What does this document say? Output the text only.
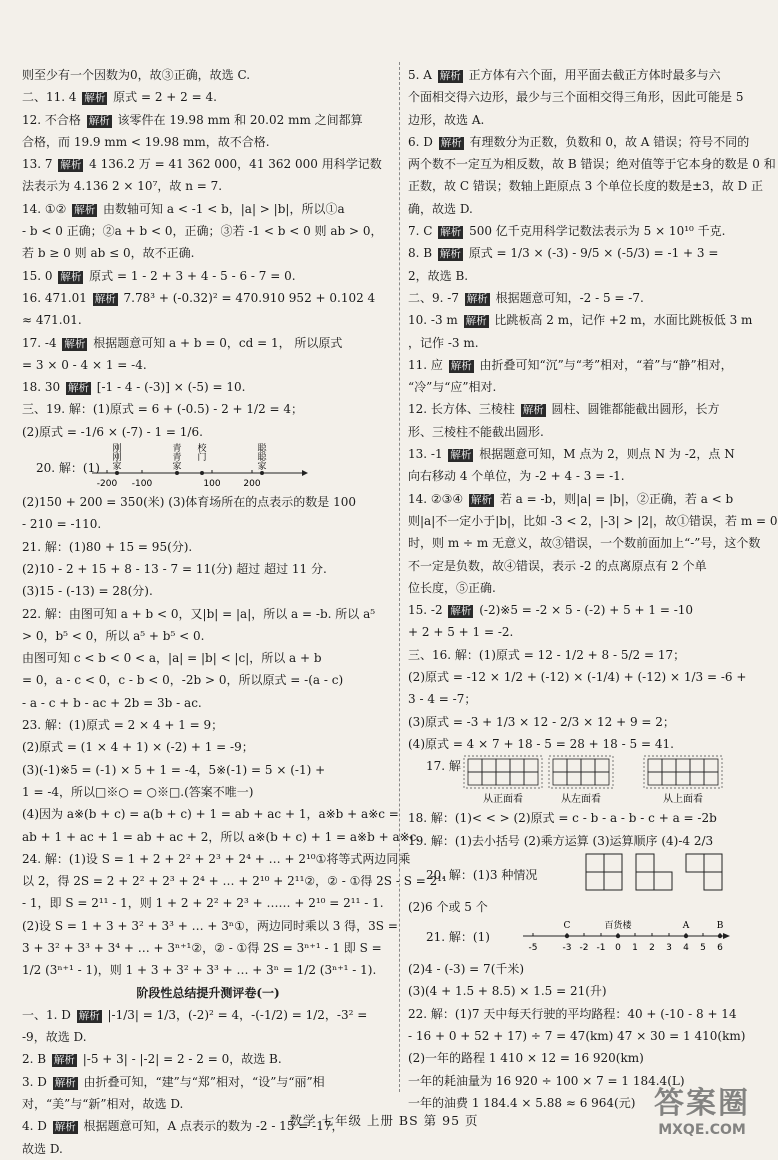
则至少有一个因数为0，故③正确，故选 C.
二、11. 4 解析 原式 = 2 + 2 = 4.
12. 不合格 解析 该零件在 19.98 mm 和 20.02 mm 之间都算
合格，而 19.9 mm < 19.98 mm，故不合格.
13. 7 解析 4 136.2 万 = 41 362 000，41 362 000 用科学记数
法表示为 4.136 2 × 10⁷，故 n = 7.
14. ①② 解析 由数轴可知 a < -1 < b，|a| > |b|，所以①a
- b < 0 正确；②a + b < 0，正确；③若 -1 < b < 0 则 ab > 0，
若 b ≥ 0 则 ab ≤ 0，故不正确.
15. 0 解析 原式 = 1 - 2 + 3 + 4 - 5 - 6 - 7 = 0.
16. 471.01 解析 7.78³ + (-0.32)² = 470.910 952 + 0.102 4
≈ 471.01.
17. -4 解析 根据题意可知 a + b = 0，cd = 1， 所以原式
= 3 × 0 - 4 × 1 = -4.
18. 30 解析 [-1 - 4 - (-3)] × (-5) = 10.
三、19. 解：(1)原式 = 6 + (-0.5) - 2 + 1/2 = 4；
(2)原式 = -1/6 × (-7) - 1 = 1/6.
20. 解：(1)
-200 -100	100	200
刚
刚
家
青
青
家
校
门
聪
聪
家
(2)150 + 200 = 350(米) (3)体育场所在的点表示的数是 100
- 210 = -110.
21. 解：(1)80 + 15 = 95(分).
(2)10 - 2 + 15 + 8 - 13 - 7 = 11(分) 超过 超过 11 分.
(3)15 - (-13) = 28(分).
22. 解：由图可知 a + b < 0，又|b| = |a|，所以 a = -b. 所以 a⁵
> 0，b⁵ < 0，所以 a⁵ + b⁵ < 0.
由图可知 c < b < 0 < a，|a| = |b| < |c|，所以 a + b
= 0，a - c < 0，c - b < 0，-2b > 0，所以原式 = -(a - c)
- a - c + b - ac + 2b = 3b - ac.
23. 解：(1)原式 = 2 × 4 + 1 = 9；
(2)原式 = (1 × 4 + 1) × (-2) + 1 = -9；
(3)(-1)※5 = (-1) × 5 + 1 = -4，5※(-1) = 5 × (-1) +
1 = -4，所以□※○ = ○※□.(答案不唯一)
(4)因为 a※(b + c) = a(b + c) + 1 = ab + ac + 1，a※b + a※c =
ab + 1 + ac + 1 = ab + ac + 2，所以 a※(b + c) + 1 = a※b + a※c.
24. 解：(1)设 S = 1 + 2 + 2² + 2³ + 2⁴ + … + 2¹⁰①将等式两边同乘
以 2，得 2S = 2 + 2² + 2³ + 2⁴ + … + 2¹⁰ + 2¹¹②，② - ①得 2S - S = 2¹¹
- 1，即 S = 2¹¹ - 1，则 1 + 2 + 2² + 2³ + …… + 2¹⁰ = 2¹¹ - 1.
(2)设 S = 1 + 3 + 3² + 3³ + … + 3ⁿ①，两边同时乘以 3 得，3S =
3 + 3² + 3³ + 3⁴ + … + 3ⁿ⁺¹②，② - ①得 2S = 3ⁿ⁺¹ - 1 即 S =
1/2 (3ⁿ⁺¹ - 1)，则 1 + 3 + 3² + 3³ + … + 3ⁿ = 1/2 (3ⁿ⁺¹ - 1).
阶段性总结提升测评卷(一)
一、1. D 解析 |-1/3| = 1/3，(-2)² = 4，-(-1/2) = 1/2，-3² =
-9，故选 D.
2. B 解析 |-5 + 3| - |-2| = 2 - 2 = 0，故选 B.
3. D 解析 由折叠可知，“建”与“郑”相对，“设”与“丽”相
对，“美”与“新”相对，故选 D.
4. D 解析 根据题意可知，A 点表示的数为 -2 - 15 = -17，
故选 D.
5. A 解析 正方体有六个面，用平面去截正方体时最多与六
个面相交得六边形，最少与三个面相交得三角形，因此可能是 5
边形，故选 A.
6. D 解析 有理数分为正数，负数和 0，故 A 错误；符号不同的
两个数不一定互为相反数，故 B 错误；绝对值等于它本身的数是 0 和
正数，故 C 错误；数轴上距原点 3 个单位长度的数是±3，故 D 正
确，故选 D.
7. C 解析 500 亿千克用科学记数法表示为 5 × 10¹⁰ 千克.
8. B 解析 原式 = 1/3 × (-3) - 9/5 × (-5/3) = -1 + 3 =
2，故选 B.
二、9. -7 解析 根据题意可知，-2 - 5 = -7.
10. -3 m 解析 比跳板高 2 m，记作 +2 m，水面比跳板低 3 m
，记作 -3 m.
11. 应 解析 由折叠可知“沉”与“考”相对，“着”与“静”相对，
“冷”与“应”相对.
12. 长方体、三棱柱 解析 圆柱、圆锥都能截出圆形，长方
形、三棱柱不能截出圆形.
13. -1 解析 根据题意可知，M 点为 2，则点 N 为 -2，点 N
向右移动 4 个单位，为 -2 + 4 - 3 = -1.
14. ②③④ 解析 若 a = -b，则|a| = |b|，②正确，若 a < b
则|a|不一定小于|b|，比如 -3 < 2，|-3| > |2|，故①错误，若 m = 0
时，则 m ÷ m 无意义，故③错误，一个数前面加上“-”号，这个数
不一定是负数，故④错误，表示 -2 的点离原点有 2 个单
位长度，⑤正确.
15. -2 解析 (-2)※5 = -2 × 5 - (-2) + 5 + 1 = -10
+ 2 + 5 + 1 = -2.
三、16. 解：(1)原式 = 12 - 1/2 + 8 - 5/2 = 17；
(2)原式 = -12 × 1/2 + (-12) × (-1/4) + (-12) × 1/3 = -6 +
3 - 4 = -7；
(3)原式 = -3 + 1/3 × 12 - 2/3 × 12 + 9 = 2；
(4)原式 = 4 × 7 + 18 - 5 = 28 + 18 - 5 = 41.
17. 解
从正面看	从左面看	从上面看
18. 解：(1)< < > (2)原式 = c - b - a - b - c + a = -2b
19. 解：(1)去小括号 (2)乘方运算 (3)运算顺序 (4)-4 2/3
20. 解：(1)3 种情况
(2)6 个或 5 个
21. 解：(1)
-5	-3 -2 -1 0 1 2 3 4 5 6
C	百货楼	A	B
(2)4 - (-3) = 7(千米)
(3)(4 + 1.5 + 8.5) × 1.5 = 21(升)
22. 解：(1)7 天中每天行驶的平均路程：40 + (-10 - 8 + 14
- 16 + 0 + 52 + 17) ÷ 7 = 47(km) 47 × 30 = 1 410(km)
(2)一年的路程 1 410 × 12 = 16 920(km)
一年的耗油量为 16 920 ÷ 100 × 7 = 1 184.4(L)
一年的油费 1 184.4 × 5.88 ≈ 6 964(元)
数学 七年级 上册 BS 第 95 页	答案圈
MXQE.COM
